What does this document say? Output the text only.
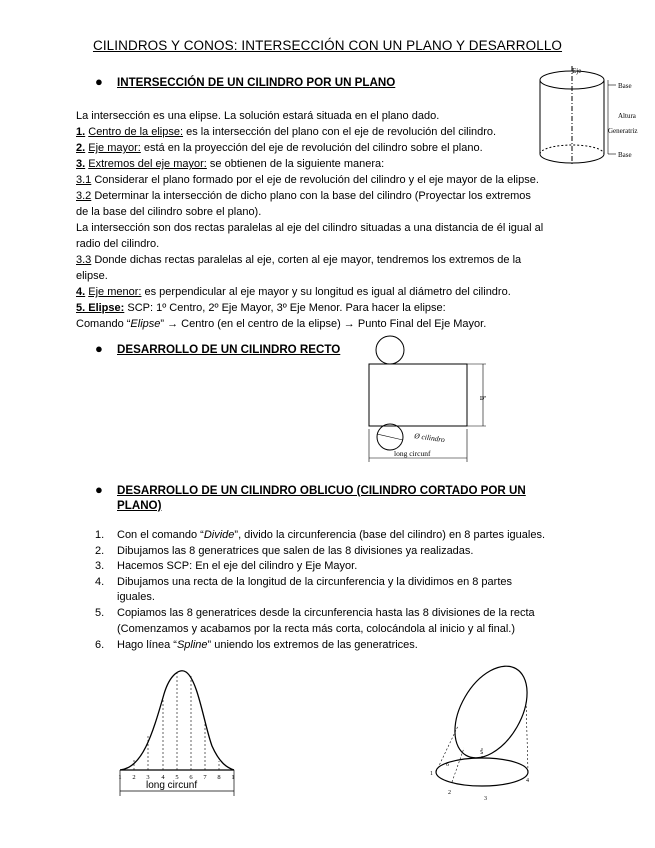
CILINDROS Y CONOS: INTERSECCIÓN CON UN PLANO Y DESARROLLO
● INTERSECCIÓN DE UN CILINDRO POR UN PLANO
La intersección es una elipse. La solución estará situada en el plano dado.
1. Centro de la elipse: es la intersección del plano con el eje de revolución del cilindro.
2. Eje mayor: está en la proyección del eje de revolución del cilindro sobre el plano.
3. Extremos del eje mayor: se obtienen de la siguiente manera:
3.1 Considerar el plano formado por el eje de revolución del cilindro y el eje mayor de la elipse.
3.2 Determinar la intersección de dicho plano con la base del cilindro (Proyectar los extremos
de la base del cilindro sobre el plano).
La intersección son dos rectas paralelas al eje del cilindro situadas a una distancia de él igual al
radio del cilindro.
3.3 Donde dichas rectas paralelas al eje, corten al eje mayor, tendremos los extremos de la
elipse.
4. Eje menor: es perpendicular al eje mayor y su longitud es igual al diámetro del cilindro.
5. Elipse: SCP: 1º Centro, 2º Eje Mayor, 3º Eje Menor. Para hacer la elipse:
Comando “Elipse” → Centro (en el centro de la elipse) → Punto Final del Eje Mayor.
Eje
Base
Altura
Generatriz
Base
● DESARROLLO DE UN CILINDRO RECTO
h
Ø cilindro
long circunf
● DESARROLLO DE UN CILINDRO OBLICUO (CILINDRO CORTADO POR UN
PLANO)
1. Con el comando “Divide”, divido la circunferencia (base del cilindro) en 8 partes iguales.
2. Dibujamos las 8 generatrices que salen de las 8 divisiones ya realizadas.
3. Hacemos SCP: En el eje del cilindro y Eje Mayor.
4. Dibujamos una recta de la longitud de la circunferencia y la dividimos en 8 partes
iguales.
5. Copiamos las 8 generatrices desde la circunferencia hasta las 8 divisiones de la recta
(Comenzamos y acabamos por la recta más corta, colocándola al inicio y al final.)
6. Hago línea “Spline” uniendo los extremos de las generatrices.
1 2 3 4 5 6 7 8 1
long circunf
1
2
3
4
5
6
